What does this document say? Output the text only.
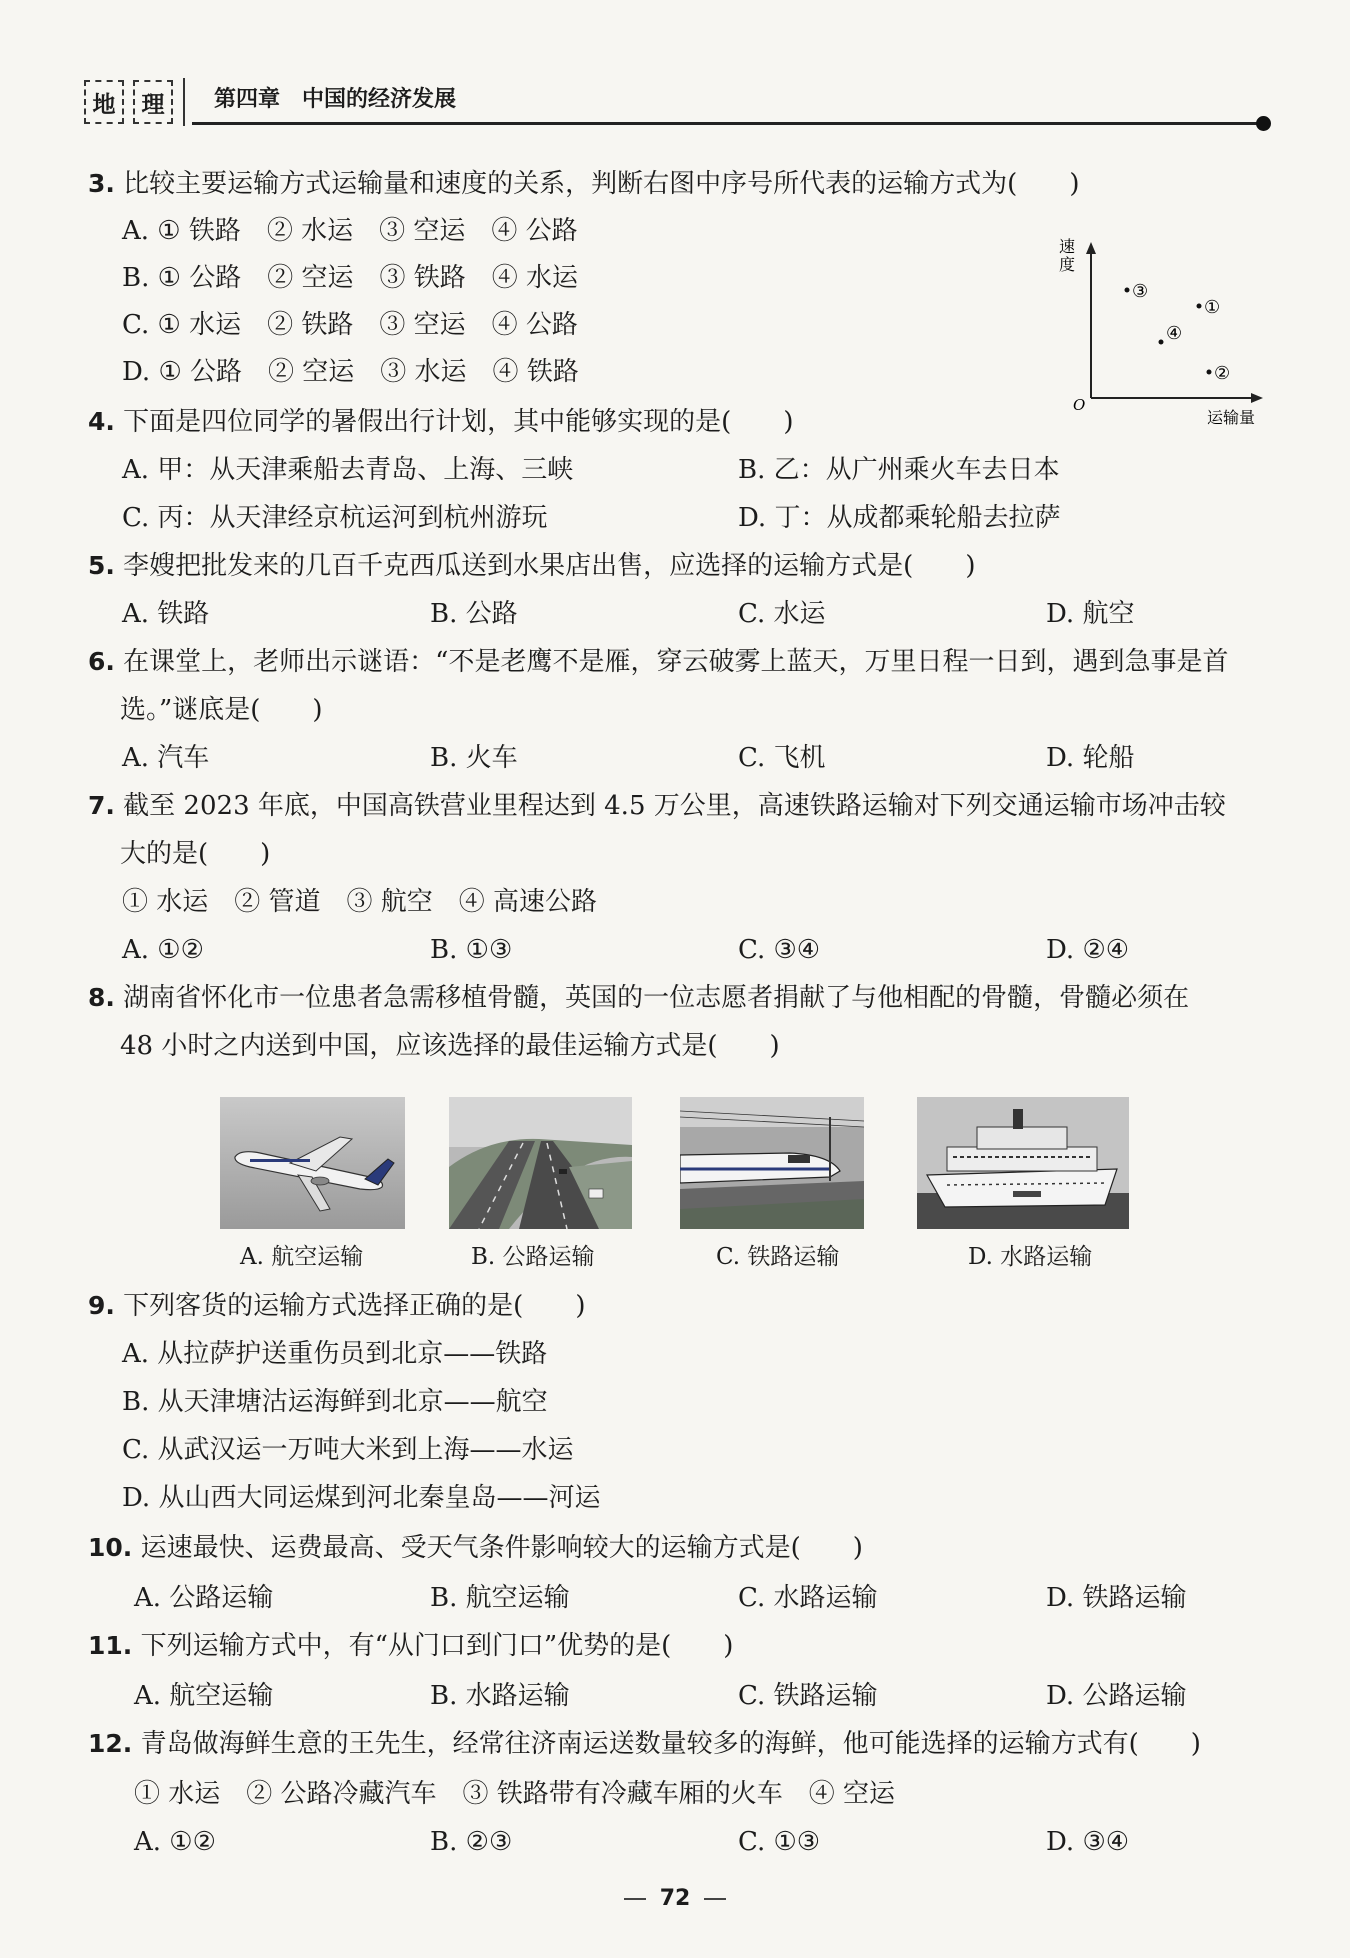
地	理	第四章 中国的经济发展
3. 比较主要运输方式运输量和速度的关系，判断右图中序号所代表的运输方式为(　　)
A. ① 铁路　② 水运　③ 空运　④ 公路
B. ① 公路　② 空运　③ 铁路　④ 水运
C. ① 水运　② 铁路　③ 空运　④ 公路
D. ① 公路　② 空运　③ 水运　④ 铁路
速
度
O
运输量
③
①
④
②
4. 下面是四位同学的暑假出行计划，其中能够实现的是(　　)
A. 甲：从天津乘船去青岛、上海、三峡	B. 乙：从广州乘火车去日本
C. 丙：从天津经京杭运河到杭州游玩	D. 丁：从成都乘轮船去拉萨
5. 李嫂把批发来的几百千克西瓜送到水果店出售，应选择的运输方式是(　　)
A. 铁路	B. 公路	C. 水运	D. 航空
6. 在课堂上，老师出示谜语：“不是老鹰不是雁，穿云破雾上蓝天，万里日程一日到，遇到急事是首
选。”谜底是(　　)
A. 汽车	B. 火车	C. 飞机	D. 轮船
7. 截至 2023 年底，中国高铁营业里程达到 4.5 万公里，高速铁路运输对下列交通运输市场冲击较
大的是(　　)
① 水运　② 管道　③ 航空　④ 高速公路
A. ①②	B. ①③	C. ③④	D. ②④
8. 湖南省怀化市一位患者急需移植骨髓，英国的一位志愿者捐献了与他相配的骨髓，骨髓必须在
48 小时之内送到中国，应该选择的最佳运输方式是(　　)
A. 航空运输	B. 公路运输	C. 铁路运输	D. 水路运输
9. 下列客货的运输方式选择正确的是(　　)
A. 从拉萨护送重伤员到北京——铁路
B. 从天津塘沽运海鲜到北京——航空
C. 从武汉运一万吨大米到上海——水运
D. 从山西大同运煤到河北秦皇岛——河运
10. 运速最快、运费最高、受天气条件影响较大的运输方式是(　　)
A. 公路运输	B. 航空运输	C. 水路运输	D. 铁路运输
11. 下列运输方式中，有“从门口到门口”优势的是(　　)
A. 航空运输	B. 水路运输	C. 铁路运输	D. 公路运输
12. 青岛做海鲜生意的王先生，经常往济南运送数量较多的海鲜，他可能选择的运输方式有(　　)
① 水运　② 公路冷藏汽车　③ 铁路带有冷藏车厢的火车　④ 空运
A. ①②	B. ②③	C. ①③	D. ③④
72
